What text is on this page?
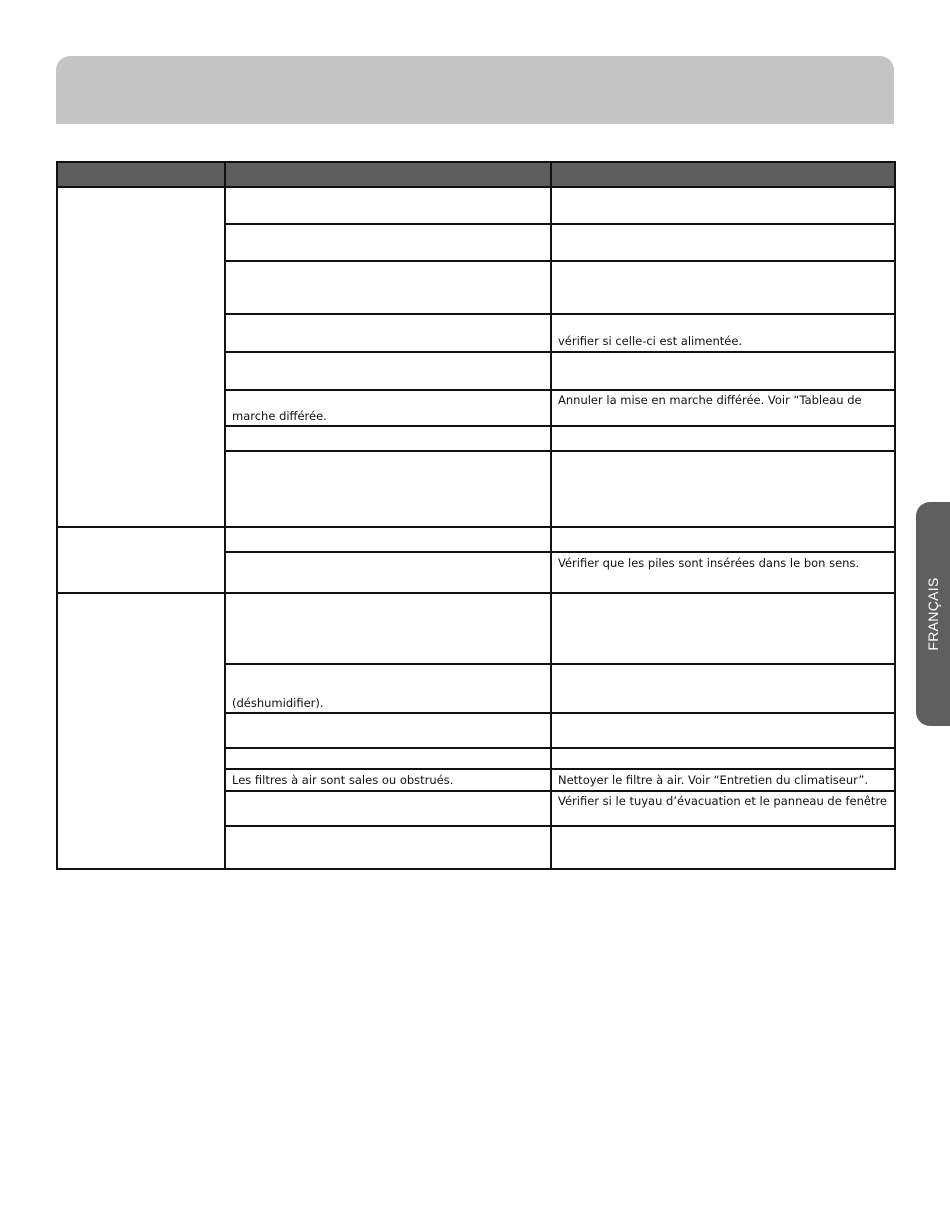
vérifier si celle-ci est alimentée.
marche différée.
Annuler la mise en marche différée. Voir “Tableau de
Vérifier que les piles sont insérées dans le bon sens.
(déshumidifier).
Les filtres à air sont sales ou obstrués.	Nettoyer le filtre à air. Voir “Entretien du climatiseur”.
Vérifier si le tuyau d’évacuation et le panneau de fenêtre
FRANÇAIS
